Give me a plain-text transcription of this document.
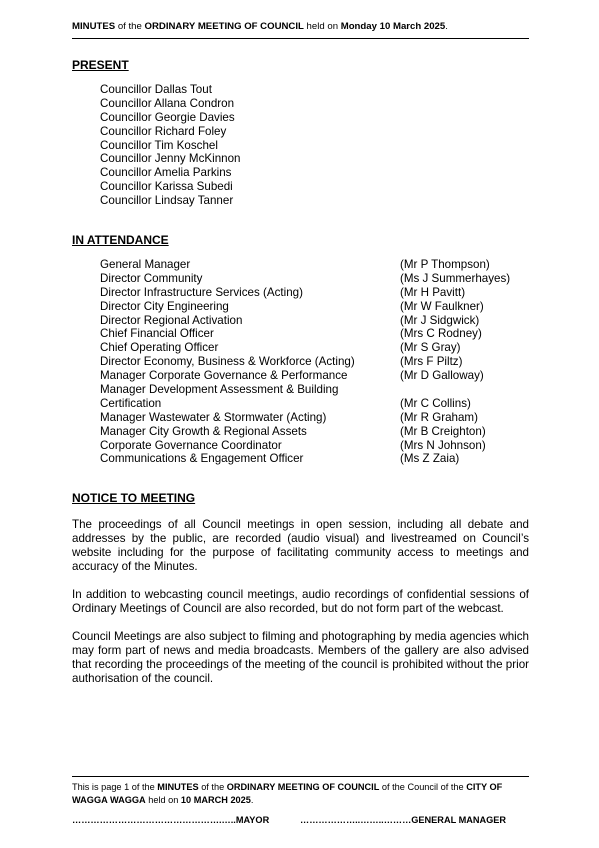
MINUTES of the ORDINARY MEETING OF COUNCIL held on Monday 10 March 2025.
PRESENT
Councillor Dallas Tout
Councillor Allana Condron
Councillor Georgie Davies
Councillor Richard Foley
Councillor Tim Koschel
Councillor Jenny McKinnon
Councillor Amelia Parkins
Councillor Karissa Subedi
Councillor Lindsay Tanner
IN ATTENDANCE
General Manager	(Mr P Thompson)
Director Community	(Ms J Summerhayes)
Director Infrastructure Services (Acting)	(Mr H Pavitt)
Director City Engineering	(Mr W Faulkner)
Director Regional Activation	(Mr J Sidgwick)
Chief Financial Officer	(Mrs C Rodney)
Chief Operating Officer	(Mr S Gray)
Director Economy, Business & Workforce (Acting)	(Mrs F Piltz)
Manager Corporate Governance & Performance	(Mr D Galloway)
Manager Development Assessment & Building
Certification	(Mr C Collins)
Manager Wastewater & Stormwater (Acting)	(Mr R Graham)
Manager City Growth & Regional Assets	(Mr B Creighton)
Corporate Governance Coordinator	(Mrs N Johnson)
Communications & Engagement Officer	(Ms Z Zaia)
NOTICE TO MEETING
The proceedings of all Council meetings in open session, including all debate and addresses by the public, are recorded (audio visual) and livestreamed on Council’s website including for the purpose of facilitating community access to meetings and accuracy of the Minutes.
In addition to webcasting council meetings, audio recordings of confidential sessions of Ordinary Meetings of Council are also recorded, but do not form part of the webcast.
Council Meetings are also subject to filming and photographing by media agencies which may form part of news and media broadcasts. Members of the gallery are also advised that recording the proceedings of the meeting of the council is prohibited without the prior authorisation of the council.
This is page 1 of the MINUTES of the ORDINARY MEETING OF COUNCIL of the Council of the CITY OF WAGGA WAGGA held on 10 MARCH 2025.
………………………………………….…..MAYOR	………………..……..………GENERAL MANAGER
